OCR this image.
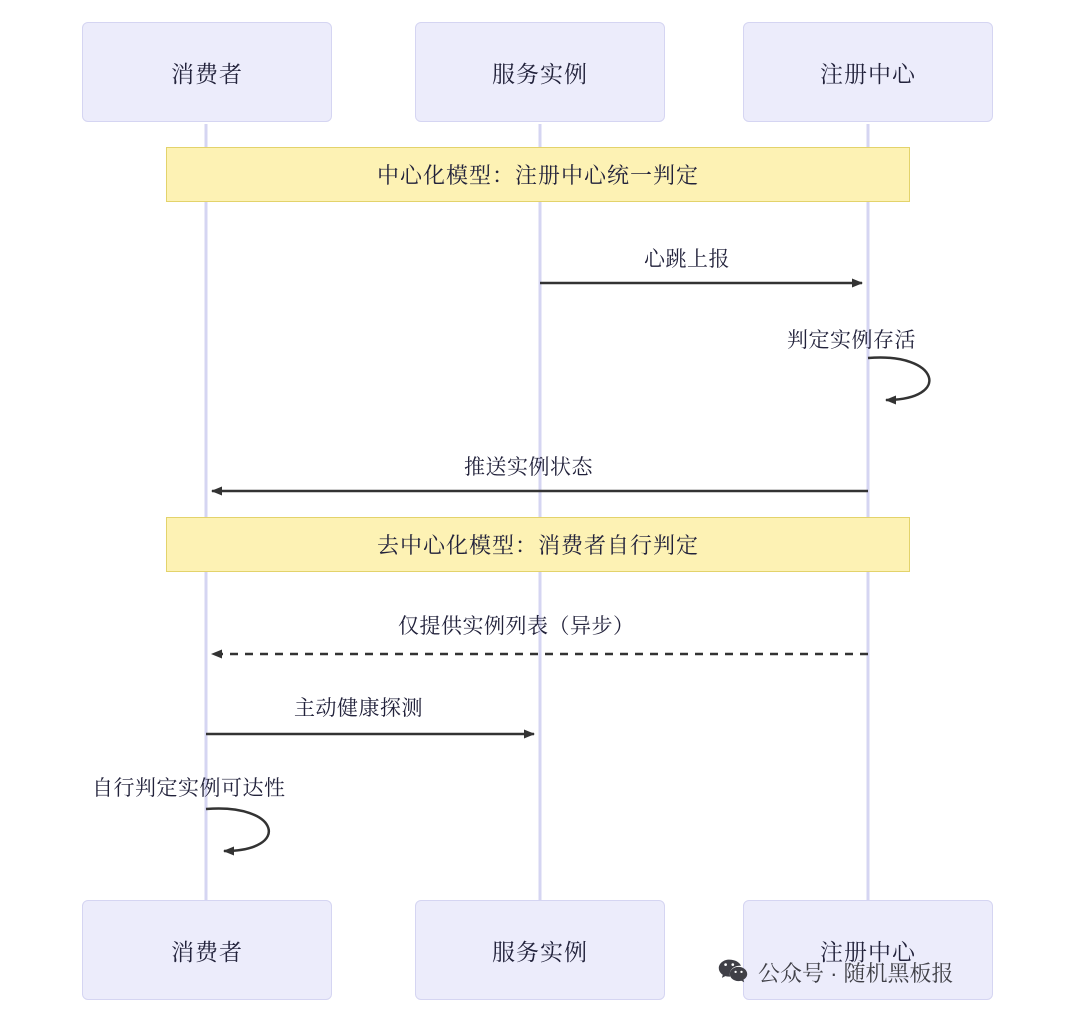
消费者	服务实例	注册中心
中心化模型：注册中心统一判定
去中心化模型：消费者自行判定
心跳上报
判定实例存活
推送实例状态
仅提供实例列表（异步）
主动健康探测
自行判定实例可达性
消费者	服务实例	注册中心
公众号 · 随机黑板报
